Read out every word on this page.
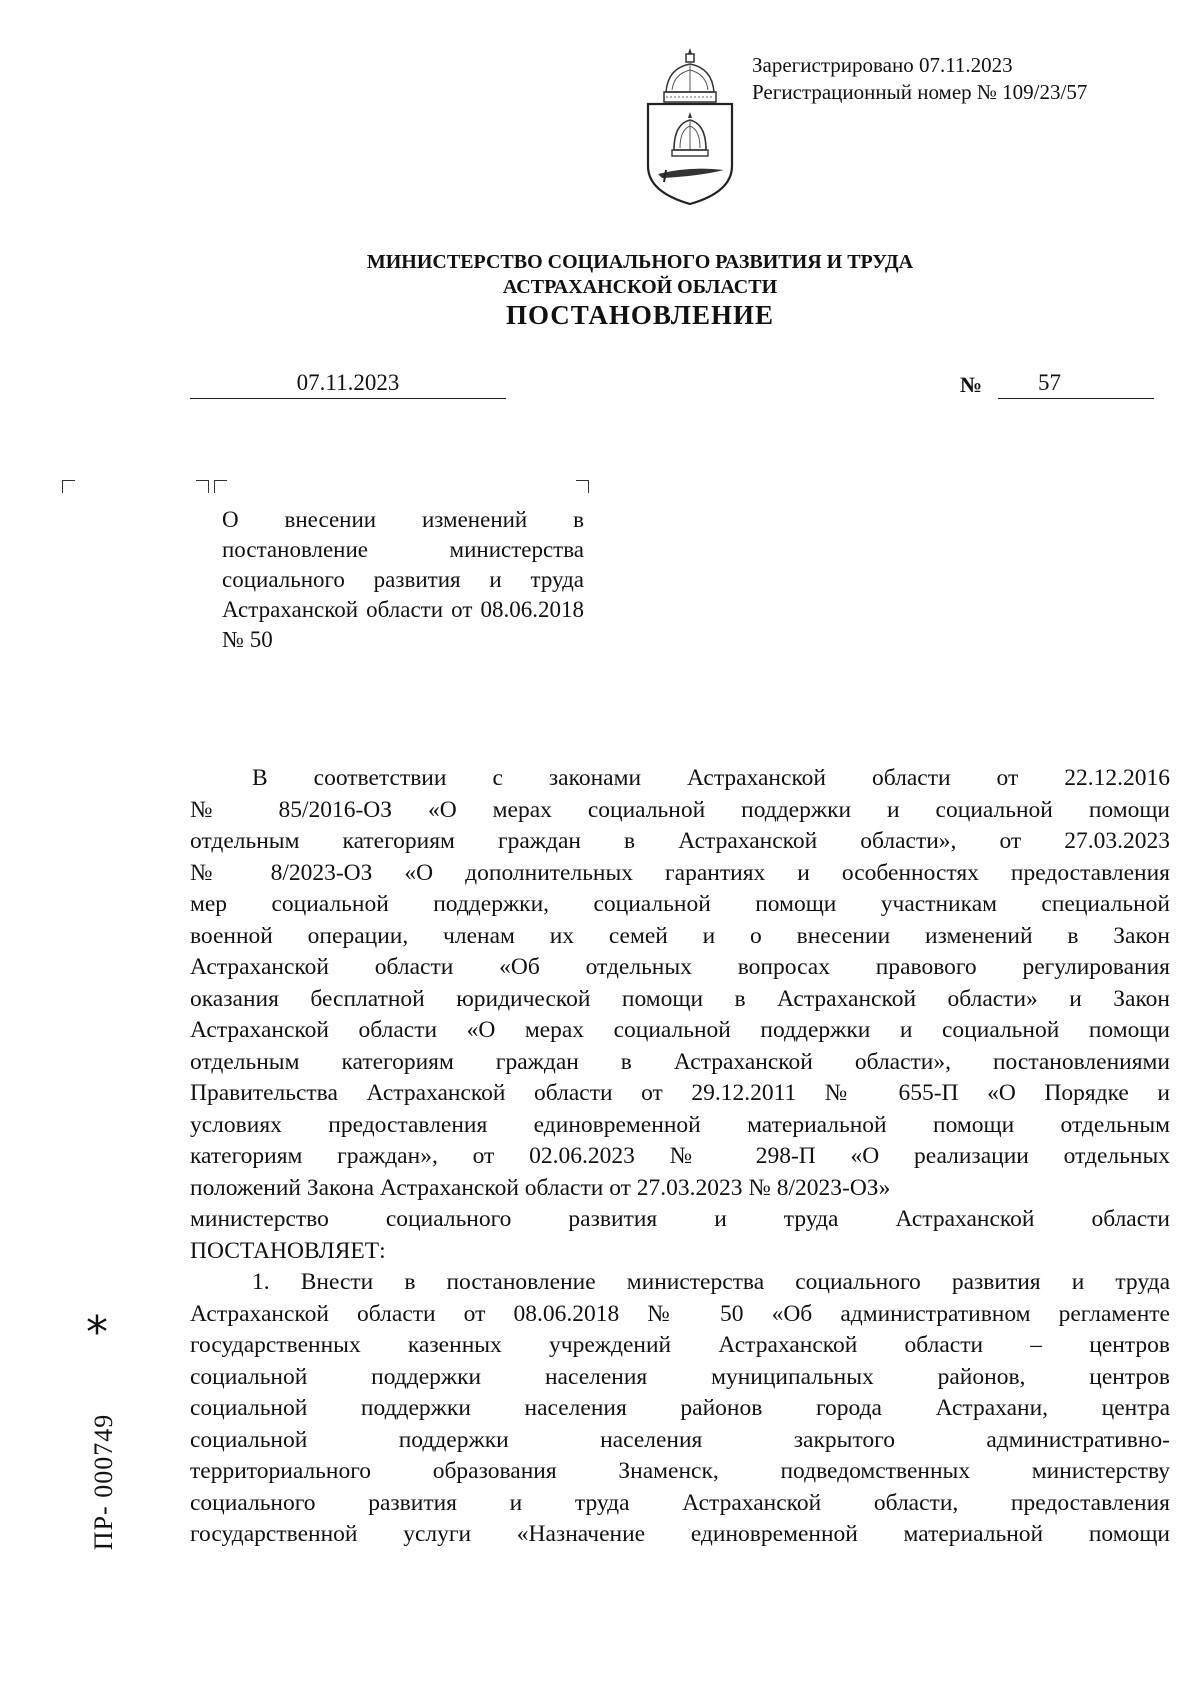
Зарегистрировано 07.11.2023
Регистрационный номер № 109/23/57
МИНИСТЕРСТВО СОЦИАЛЬНОГО РАЗВИТИЯ И ТРУДА
АСТРАХАНСКОЙ ОБЛАСТИ
ПОСТАНОВЛЕНИЕ
07.11.2023	№	57
О внесении изменений в постановление министерства социального развития и труда Астраханской области от 08.06.2018 № 50

В соответствии с законами Астраханской области от 22.12.2016

№ 85/2016-ОЗ «О мерах социальной поддержки и социальной помощи

отдельным категориям граждан в Астраханской области», от 27.03.2023

№ 8/2023-ОЗ «О дополнительных гарантиях и особенностях предоставления

мер социальной поддержки, социальной помощи участникам специальной

военной операции, членам их семей и о внесении изменений в Закон

Астраханской области «Об отдельных вопросах правового регулирования

оказания бесплатной юридической помощи в Астраханской области» и Закон

Астраханской области «О мерах социальной поддержки и социальной помощи

отдельным категориям граждан в Астраханской области», постановлениями

Правительства Астраханской области от 29.12.2011 № 655-П «О Порядке и

условиях предоставления единовременной материальной помощи отдельным

категориям граждан», от 02.06.2023 № 298-П «О реализации отдельных

положений Закона Астраханской области от 27.03.2023 № 8/2023-ОЗ»

министерство социального развития и труда Астраханской области

ПОСТАНОВЛЯЕТ:

1. Внести в постановление министерства социального развития и труда

Астраханской области от 08.06.2018 № 50 «Об административном регламенте

государственных казенных учреждений Астраханской области – центров

социальной поддержки населения муниципальных районов, центров

социальной поддержки населения районов города Астрахани, центра

социальной поддержки населения закрытого административно-

территориального образования Знаменск, подведомственных министерству

социального развития и труда Астраханской области, предоставления

государственной услуги «Назначение единовременной материальной помощи

*
ПР- 000749
